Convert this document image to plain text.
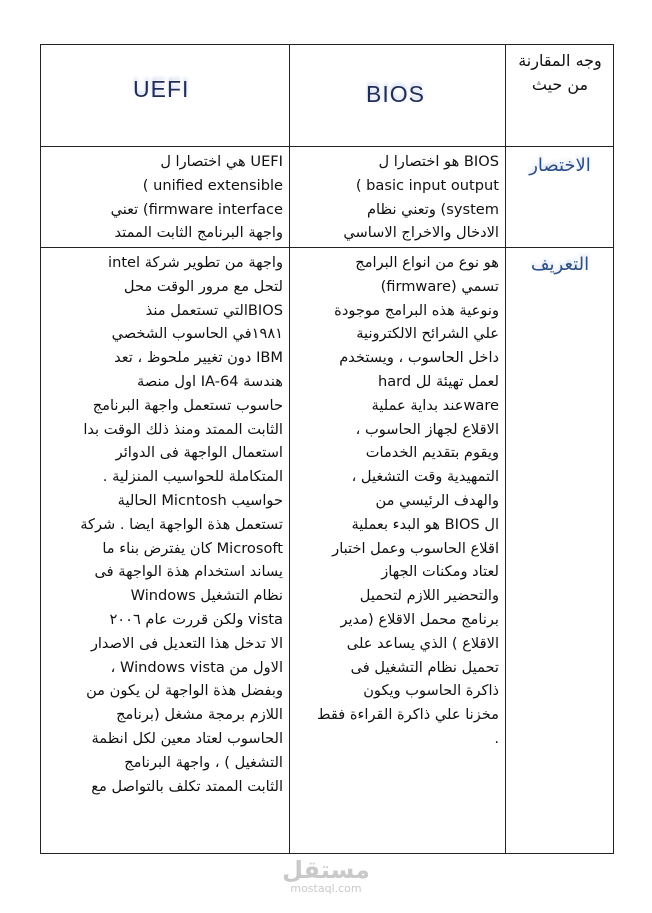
UEFI	BIOS
وجه المقارنة من حيث
الاختصار
BIOS هو اختصارا ل
basic input output )
system) وتعني نظام
الادخال والاخراج الاساسي
UEFI هي اختصارا ل
unified extensible )
firmware interface) تعني
واجهة البرنامج الثابت الممتد
التعريف
هو نوع من انواع البرامج
تسمي (firmware)
ونوعية هذه البرامج موجودة
علي الشرائح الالكترونية
داخل الحاسوب ، ويستخدم
لعمل تهيئة لل hard
wareعند بداية عملية
الاقلاع لجهاز الحاسوب ،
ويقوم بتقديم الخدمات
التمهيدية وقت التشغيل ،
والهدف الرئيسي من
ال BIOS هو البدء بعملية
اقلاع الحاسوب وعمل اختبار
لعتاد ومكنات الجهاز
والتحضير اللازم لتحميل
برنامج محمل الاقلاع (مدير
الاقلاع ) الذي يساعد على
تحميل نظام التشغيل فى
ذاكرة الحاسوب ويكون
مخزنا علي ذاكرة القراءة فقط
.
واجهة من تطوير شركة intel
لتحل مع مرور الوقت محل
BIOSالتي تستعمل منذ
١٩٨١في الحاسوب الشخصي
IBM دون تغيير ملحوظ ، تعد
هندسة IA-64 اول منصة
حاسوب تستعمل واجهة البرنامج
الثابت الممتد ومنذ ذلك الوقت بدا
استعمال الواجهة فى الدوائر
المتكاملة للحواسيب المنزلية .
حواسيب Micntosh الحالية
تستعمل هذة الواجهة ايضا . شركة
Microsoft كان يفترض بناء ما
يساند استخدام هذة الواجهة فى
نظام التشغيل Windows
vista ولكن قررت عام ٢٠٠٦
الا تدخل هذا التعديل فى الاصدار
الاول من Windows vista ،
وبفضل هذة الواجهة لن يكون من
اللازم برمجة مشغل (برنامج
الحاسوب لعتاد معين لكل انظمة
التشغيل ) ، واجهة البرنامج
الثابت الممتد تكلف بالتواصل مع
مستقل
mostaql.com
